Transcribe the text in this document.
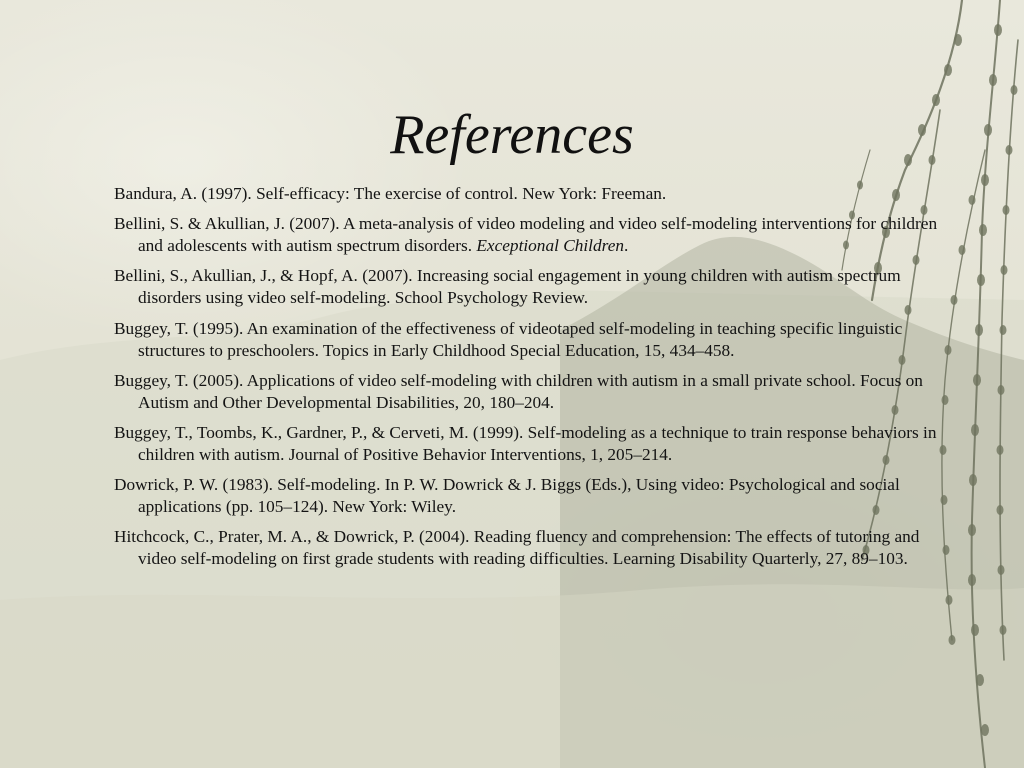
References
Bandura, A. (1997). Self-efficacy: The exercise of control. New York: Freeman.
Bellini, S. & Akullian, J. (2007). A meta-analysis of video modeling and video self-modeling interventions for children and adolescents with autism spectrum disorders. Exceptional Children.
Bellini, S., Akullian, J., & Hopf, A. (2007). Increasing social engagement in young children with autism spectrum disorders using video self-modeling. School Psychology Review.
Buggey, T. (1995). An examination of the effectiveness of videotaped self-modeling in teaching specific linguistic structures to preschoolers. Topics in Early Childhood Special Education, 15, 434–458.
Buggey, T. (2005). Applications of video self-modeling with children with autism in a small private school. Focus on Autism and Other Developmental Disabilities, 20, 180–204.
Buggey, T., Toombs, K., Gardner, P., & Cerveti, M. (1999). Self-modeling as a technique to train response behaviors in children with autism. Journal of Positive Behavior Interventions, 1, 205–214.
Dowrick, P. W. (1983). Self-modeling. In P. W. Dowrick & J. Biggs (Eds.), Using video: Psychological and social applications (pp. 105–124). New York: Wiley.
Hitchcock, C., Prater, M. A., & Dowrick, P. (2004). Reading fluency and comprehension: The effects of tutoring and video self-modeling on first grade students with reading difficulties. Learning Disability Quarterly, 27, 89–103.
